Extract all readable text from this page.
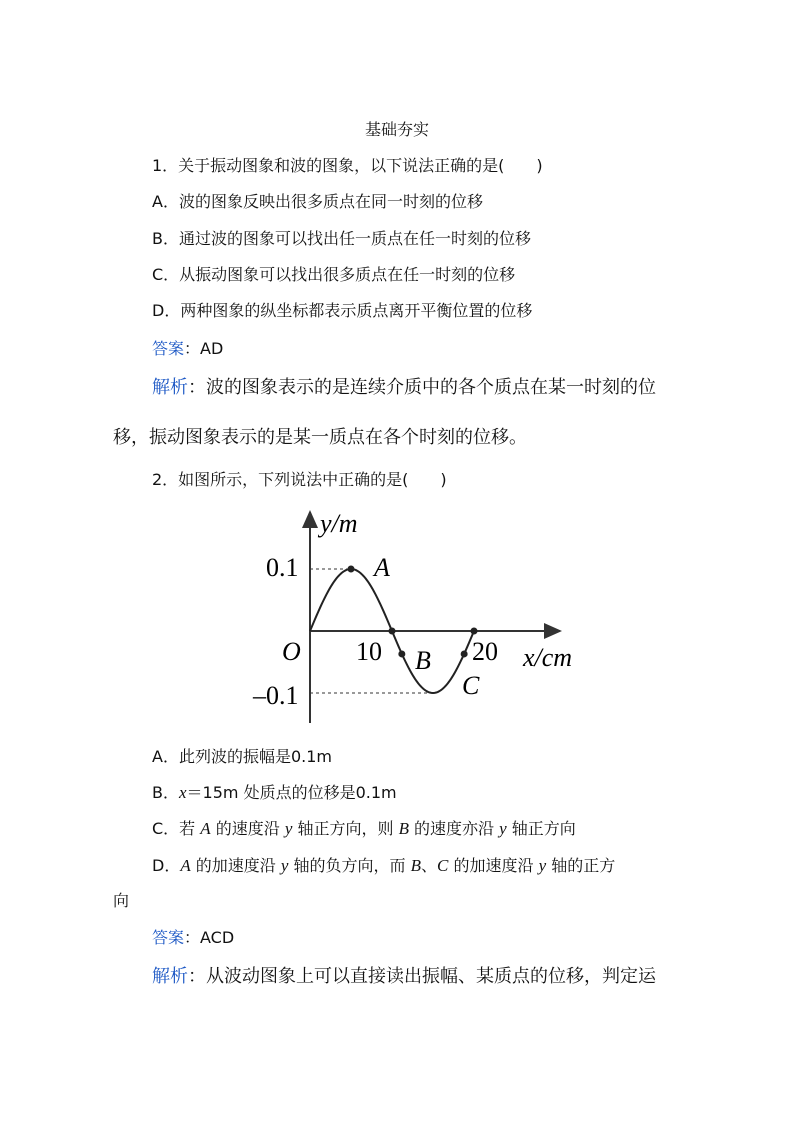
基础夯实
1．关于振动图象和波的图象，以下说法正确的是(　　)
A．波的图象反映出很多质点在同一时刻的位移
B．通过波的图象可以找出任一质点在任一时刻的位移
C．从振动图象可以找出很多质点在任一时刻的位移
D．两种图象的纵坐标都表示质点离开平衡位置的位移
答案：AD
解析：波的图象表示的是连续介质中的各个质点在某一时刻的位
移，振动图象表示的是某一质点在各个时刻的位移。
2．如图所示，下列说法中正确的是(　　)
y/m
x/cm
O
0.1
–0.1
10	20
A
B
C
A．此列波的振幅是0.1m
B．x＝15m 处质点的位移是0.1m
C．若 A 的速度沿 y 轴正方向，则 B 的速度亦沿 y 轴正方向
D．A 的加速度沿 y 轴的负方向，而 B、C 的加速度沿 y 轴的正方
向
答案：ACD
解析：从波动图象上可以直接读出振幅、某质点的位移，判定运
